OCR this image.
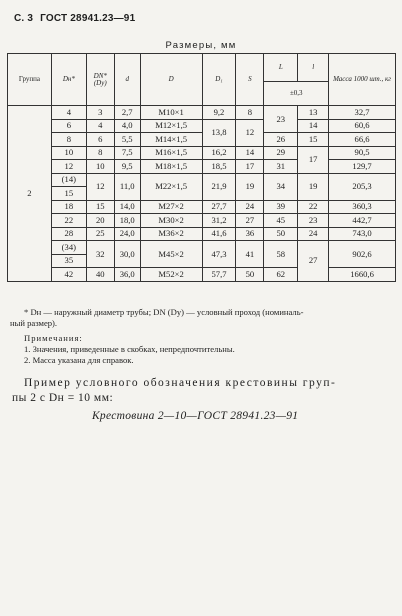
С. 3 ГОСТ 28941.23—91
Размеры, мм
Группа	Dн*	DN* (Dу)	d	D	D₁	S	L	l	Масса 1000 шт., кг
							±0,3		
2	4	3	2,7	M10×1	9,2	8	23	13	32,7
	6	4	4,0	M12×1,5	13,8	12		14	60,6
	8	6	5,5	M14×1,5			26	15	66,6
	10	8	7,5	M16×1,5	16,2	14	29	17	90,5
	12	10	9,5	M18×1,5	18,5	17	31		129,7
	(14)	12	11,0	M22×1,5	21,9	19	34	19	205,3
	15								
	18	15	14,0	M27×2	27,7	24	39	22	360,3
	22	20	18,0	M30×2	31,2	27	45	23	442,7
	28	25	24,0	M36×2	41,6	36	50	24	743,0
	(34)	32	30,0	M45×2	47,3	41	58	27	902,6
	35								
	42	40	36,0	M52×2	57,7	50	62		1660,6

* Dн — наружный диаметр трубы; DN (Dу) — условный проход (номиналь-

ный размер).

Примечания:

1. Значения, приведенные в скобках, непредпочтительны.

2. Масса указана для справок.

Пример условного обозначения крестовины груп-

пы 2 с Dн = 10 мм:

Крестовина 2—10—ГОСТ 28941.23—91
